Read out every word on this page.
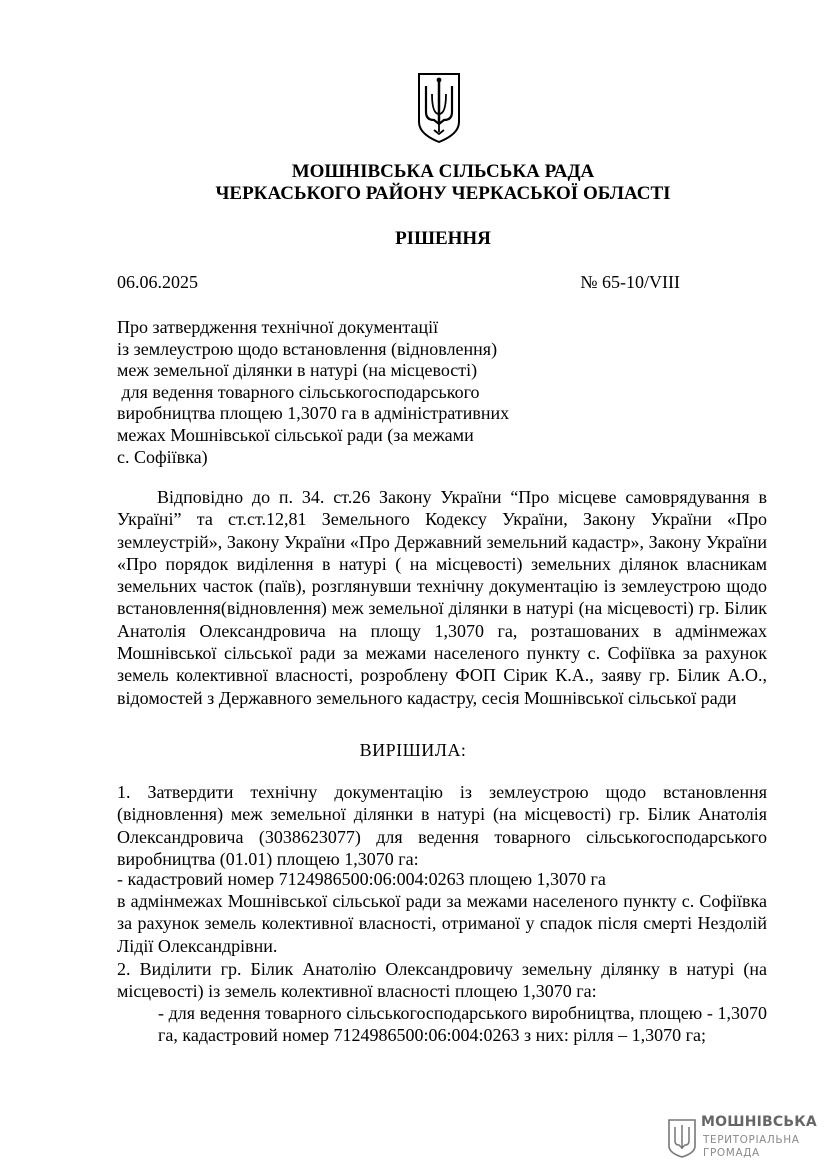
МОШНІВСЬКА СІЛЬСЬКА РАДА
ЧЕРКАСЬКОГО РАЙОНУ ЧЕРКАСЬКОЇ ОБЛАСТІ
РІШЕННЯ
06.06.2025	№ 65-10/VIII
Про затвердження технічної документації
із землеустрою щодо встановлення (відновлення)
меж земельної ділянки в натурі (на місцевості)
для ведення товарного сільськогосподарського
виробництва площею 1,3070 га в адміністративних
межах Мошнівської сільської ради (за межами
с. Софіївка)
Відповідно до п. 34. ст.26 Закону України “Про місцеве самоврядування в Україні” та ст.ст.12,81 Земельного Кодексу України, Закону України «Про землеустрій», Закону України «Про Державний земельний кадастр», Закону України «Про порядок виділення в натурі ( на місцевості) земельних ділянок власникам земельних часток (паїв), розглянувши технічну документацію із землеустрою щодо встановлення(відновлення) меж земельної ділянки в натурі (на місцевості) гр. Білик Анатолія Олександровича на площу 1,3070 га, розташованих в адмінмежах Мошнівської сільської ради за межами населеного пункту с. Софіївка за рахунок земель колективної власності, розроблену ФОП Сірик К.А., заяву гр. Білик А.О., відомостей з Державного земельного кадастру, сесія Мошнівської сільської ради
ВИРІШИЛА:
1. Затвердити технічну документацію із землеустрою щодо встановлення (відновлення) меж земельної ділянки в натурі (на місцевості) гр. Білик Анатолія Олександровича (3038623077) для ведення товарного сільськогосподарського виробництва (01.01) площею 1,3070 га:
- кадастровий номер 7124986500:06:004:0263 площею 1,3070 га
в адмінмежах Мошнівської сільської ради за межами населеного пункту с. Софіївка за рахунок земель колективної власності, отриманої у спадок після смерті Нездолій Лідії Олександрівни.
2. Виділити гр. Білик Анатолію Олександровичу земельну ділянку в натурі (на місцевості) із земель колективної власності площею 1,3070 га:
- для ведення товарного сільськогосподарського виробництва, площею - 1,3070 га, кадастровий номер 7124986500:06:004:0263 з них: рілля – 1,3070 га;
МОШНІВСЬКА
ТЕРИТОРІАЛЬНА
ГРОМАДА
